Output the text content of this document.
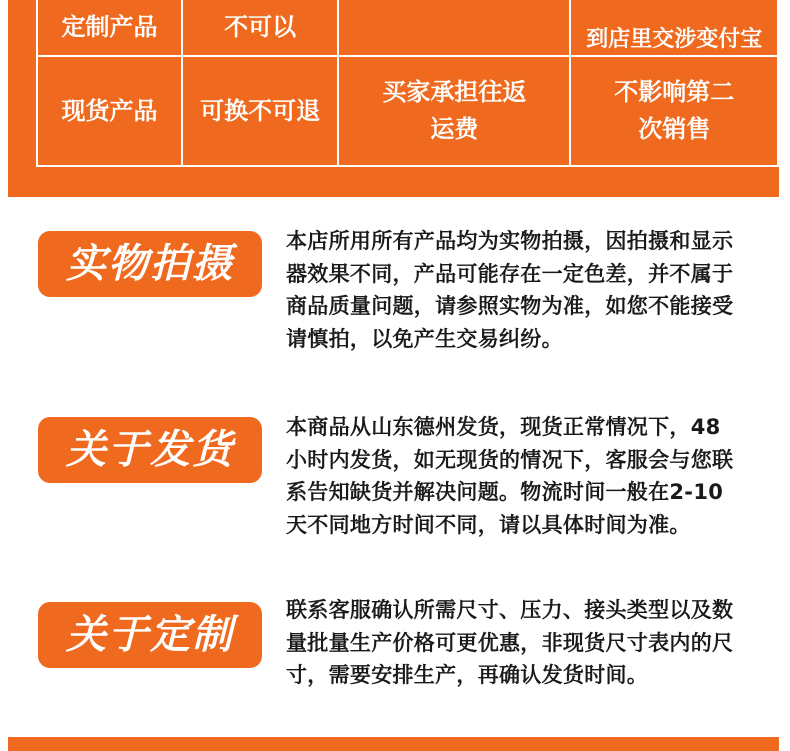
定制产品	不可以		到店里交涉变付宝
现货产品	可换不可退	买家承担往返运费	不影响第二次销售
实物拍摄	本店所用所有产品均为实物拍摄，因拍摄和显示器效果不同，产品可能存在一定色差，并不属于商品质量问题，请参照实物为准，如您不能接受请慎拍，以免产生交易纠纷。

关于发货	本商品从山东德州发货，现货正常情况下，48小时内发货，如无现货的情况下，客服会与您联系告知缺货并解决问题。物流时间一般在2-10天不同地方时间不同，请以具体时间为准。

关于定制

联系客服确认所需尺寸、压力、接头类型以及数量批量生产价格可更优惠，非现货尺寸表内的尺寸，需要安排生产，再确认发货时间。
